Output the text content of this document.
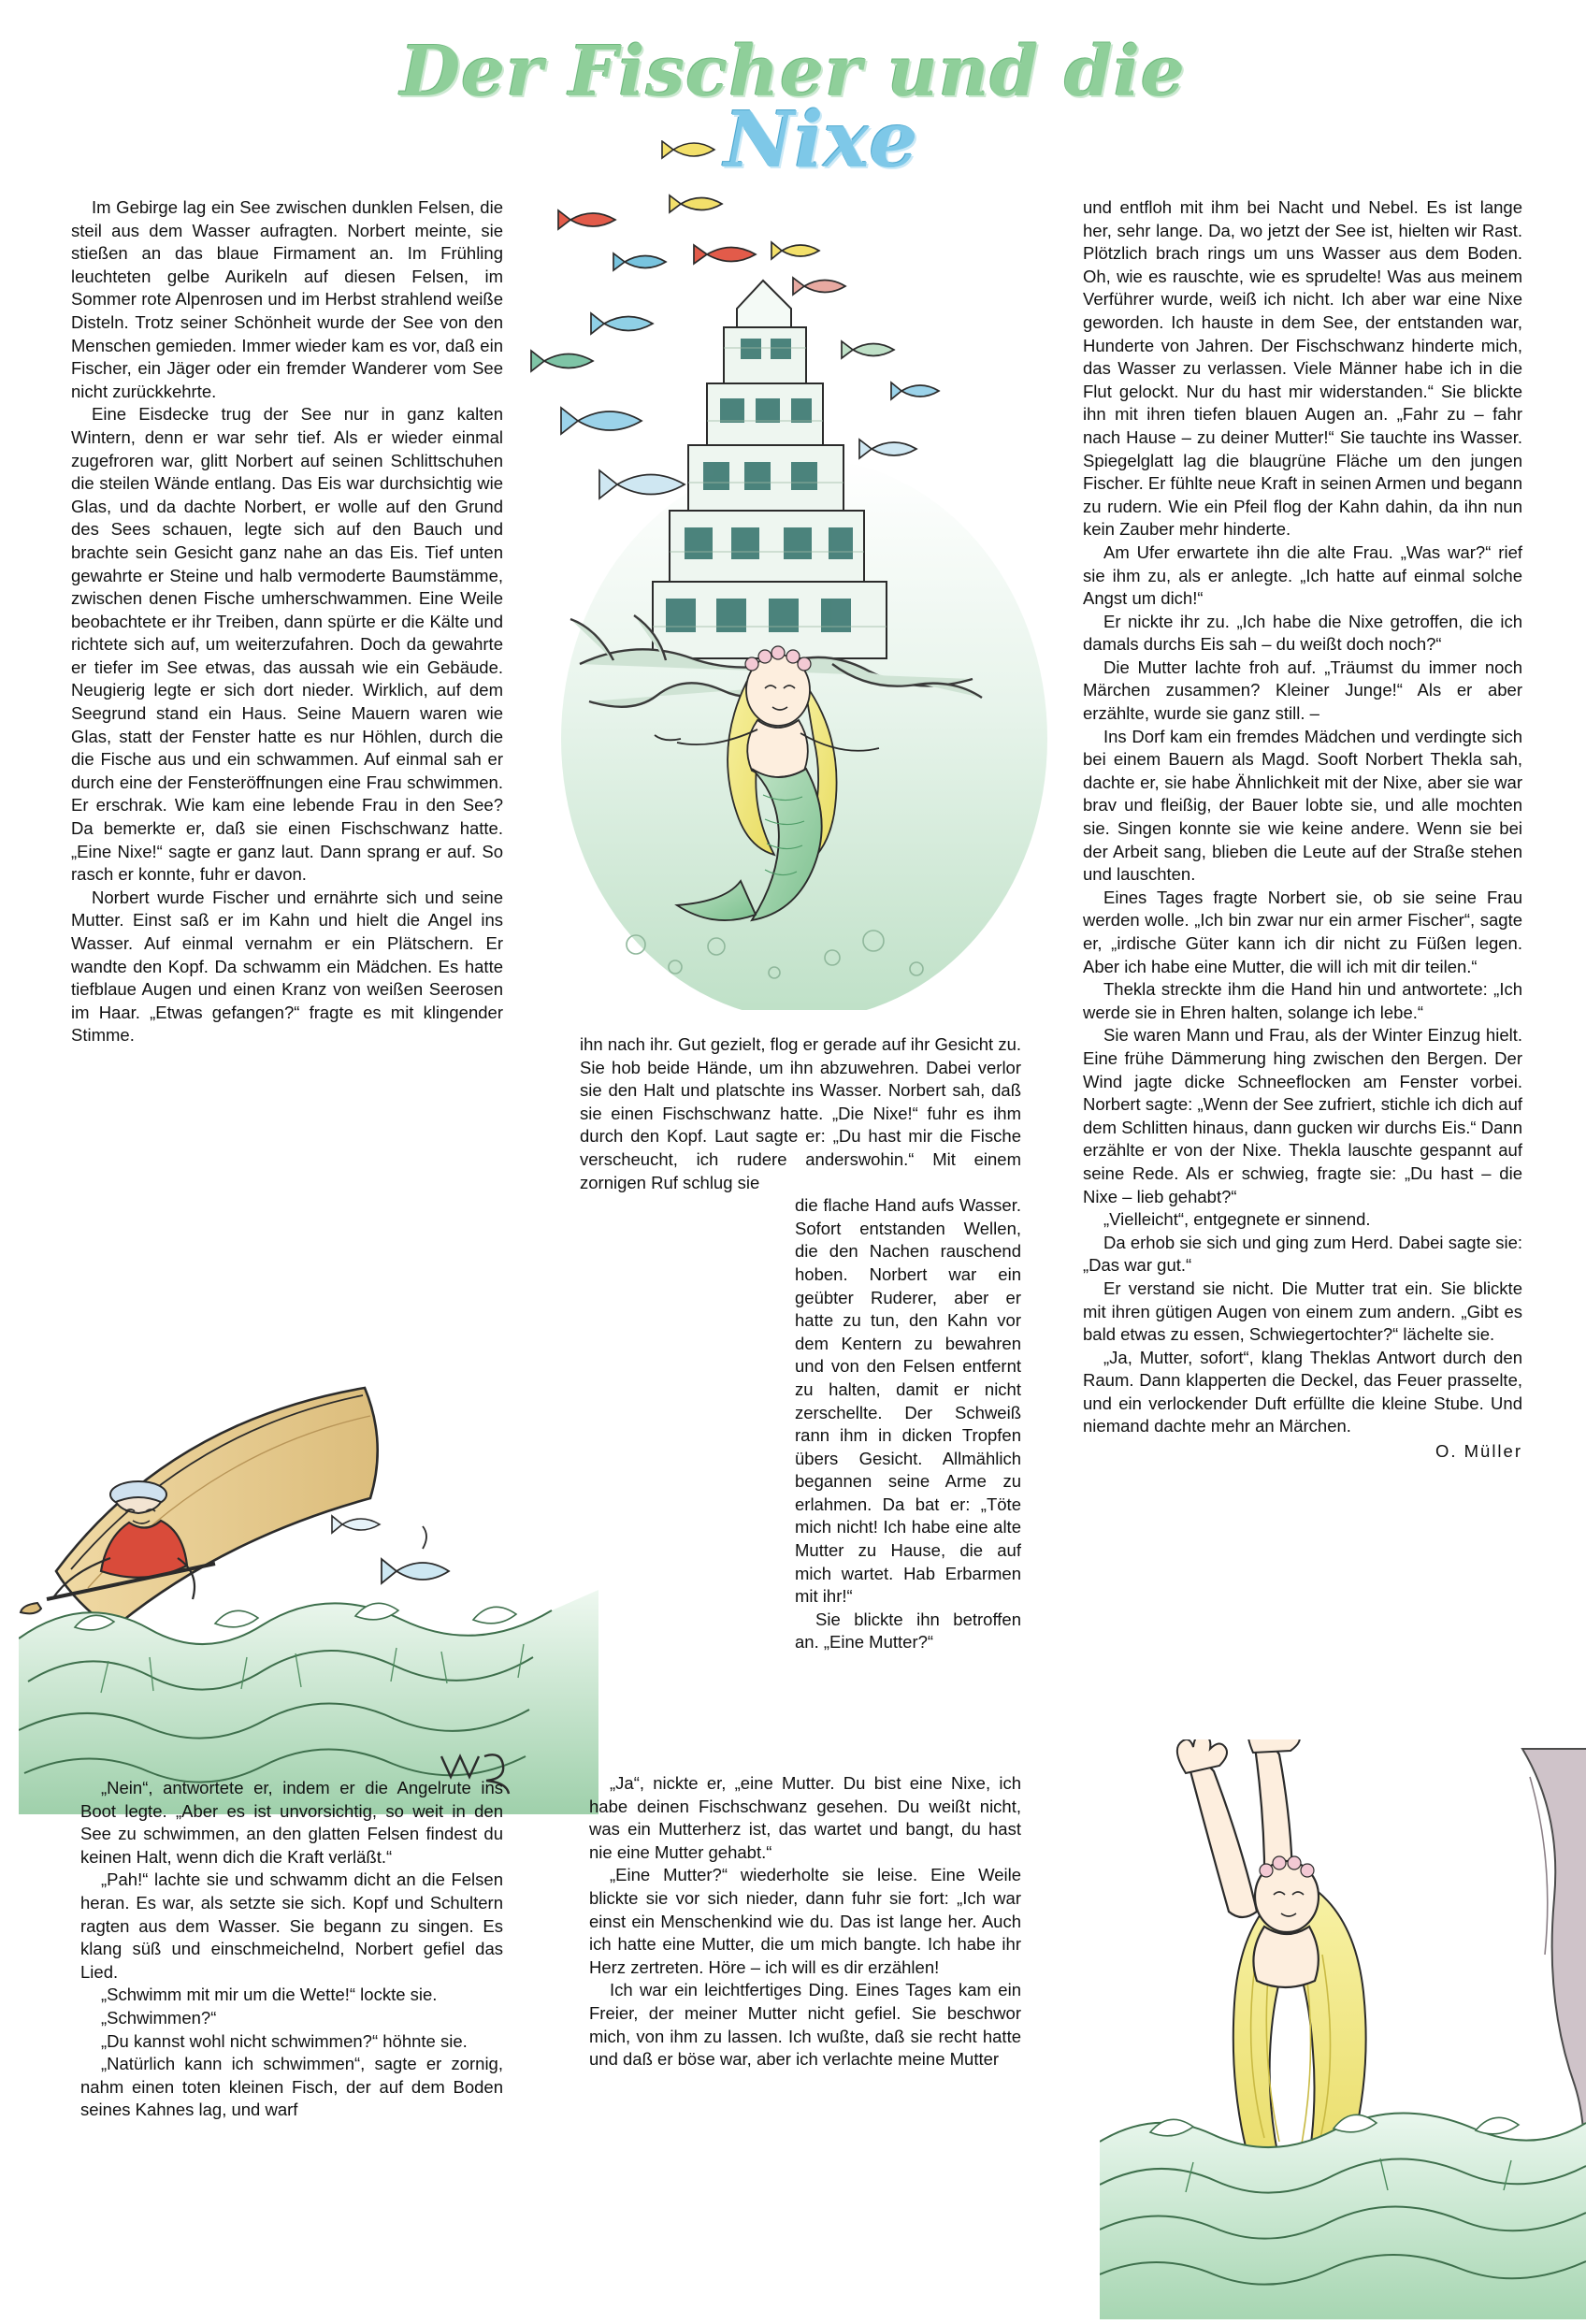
Der Fischer und die
Nixe

Im Gebirge lag ein See zwischen dunklen Felsen, die steil aus dem Wasser aufragten. Norbert meinte, sie stießen an das blaue Firmament an. Im Frühling leuchteten gelbe Aurikeln auf diesen Felsen, im Sommer rote Alpenrosen und im Herbst strahlend weiße Disteln. Trotz seiner Schönheit wurde der See von den Menschen gemieden. Immer wieder kam es vor, daß ein Fischer, ein Jäger oder ein fremder Wanderer vom See nicht zurückkehrte.

Eine Eisdecke trug der See nur in ganz kalten Wintern, denn er war sehr tief. Als er wieder einmal zugefroren war, glitt Norbert auf seinen Schlittschuhen die steilen Wände entlang. Das Eis war durchsichtig wie Glas, und da dachte Norbert, er wolle auf den Grund des Sees schauen, legte sich auf den Bauch und brachte sein Gesicht ganz nahe an das Eis. Tief unten gewahrte er Steine und halb vermoderte Baumstämme, zwischen denen Fische umherschwammen. Eine Weile beobachtete er ihr Treiben, dann spürte er die Kälte und richtete sich auf, um weiterzufahren. Doch da gewahrte er tiefer im See etwas, das aussah wie ein Gebäude. Neugierig legte er sich dort nieder. Wirklich, auf dem Seegrund stand ein Haus. Seine Mauern waren wie Glas, statt der Fenster hatte es nur Höhlen, durch die die Fische aus und ein schwammen. Auf einmal sah er durch eine der Fensteröffnungen eine Frau schwimmen. Er erschrak. Wie kam eine lebende Frau in den See? Da bemerkte er, daß sie einen Fischschwanz hatte. „Eine Nixe!“ sagte er ganz laut. Dann sprang er auf. So rasch er konnte, fuhr er davon.

Norbert wurde Fischer und ernährte sich und seine Mutter. Einst saß er im Kahn und hielt die Angel ins Wasser. Auf einmal vernahm er ein Plätschern. Er wandte den Kopf. Da schwamm ein Mädchen. Es hatte tiefblaue Augen und einen Kranz von weißen Seerosen im Haar. „Etwas gefangen?“ fragte es mit klingender Stimme.

„Nein“, antwortete er, indem er die Angelrute ins Boot legte. „Aber es ist unvorsichtig, so weit in den See zu schwimmen, an den glatten Felsen findest du keinen Halt, wenn dich die Kraft verläßt.“

„Pah!“ lachte sie und schwamm dicht an die Felsen heran. Es war, als setzte sie sich. Kopf und Schultern ragten aus dem Wasser. Sie begann zu singen. Es klang süß und einschmeichelnd, Norbert gefiel das Lied.

„Schwimm mit mir um die Wette!“ lockte sie.

„Schwimmen?“

„Du kannst wohl nicht schwimmen?“ höhnte sie.

„Natürlich kann ich schwimmen“, sagte er zornig, nahm einen toten kleinen Fisch, der auf dem Boden seines Kahnes lag, und warf

ihn nach ihr. Gut gezielt, flog er gerade auf ihr Gesicht zu. Sie hob beide Hände, um ihn abzuwehren. Dabei verlor sie den Halt und platschte ins Wasser. Norbert sah, daß sie einen Fischschwanz hatte. „Die Nixe!“ fuhr es ihm durch den Kopf. Laut sagte er: „Du hast mir die Fische verscheucht, ich rudere anderswohin.“ Mit einem zornigen Ruf schlug sie

die flache Hand aufs Wasser. Sofort entstanden Wellen, die den Nachen rauschend hoben. Norbert war ein geübter Ruderer, aber er hatte zu tun, den Kahn vor dem Kentern zu bewahren und von den Felsen entfernt zu halten, damit er nicht zerschellte. Der Schweiß rann ihm in dicken Tropfen übers Gesicht. Allmählich begannen seine Arme zu erlahmen. Da bat er: „Töte mich nicht! Ich habe eine alte Mutter zu Hause, die auf mich wartet. Hab Erbarmen mit ihr!“

Sie blickte ihn betroffen an. „Eine Mutter?“

„Ja“, nickte er, „eine Mutter. Du bist eine Nixe, ich habe deinen Fischschwanz gesehen. Du weißt nicht, was ein Mutterherz ist, das wartet und bangt, du hast nie eine Mutter gehabt.“

„Eine Mutter?“ wiederholte sie leise. Eine Weile blickte sie vor sich nieder, dann fuhr sie fort: „Ich war einst ein Menschenkind wie du. Das ist lange her. Auch ich hatte eine Mutter, die um mich bangte. Ich habe ihr Herz zertreten. Höre – ich will es dir erzählen!

Ich war ein leichtfertiges Ding. Eines Tages kam ein Freier, der meiner Mutter nicht gefiel. Sie beschwor mich, von ihm zu lassen. Ich wußte, daß sie recht hatte und daß er böse war, aber ich verlachte meine Mutter

und entfloh mit ihm bei Nacht und Nebel. Es ist lange her, sehr lange. Da, wo jetzt der See ist, hielten wir Rast. Plötzlich brach rings um uns Wasser aus dem Boden. Oh, wie es rauschte, wie es sprudelte! Was aus meinem Verführer wurde, weiß ich nicht. Ich aber war eine Nixe geworden. Ich hauste in dem See, der entstanden war, Hunderte von Jahren. Der Fischschwanz hinderte mich, das Wasser zu verlassen. Viele Männer habe ich in die Flut gelockt. Nur du hast mir widerstanden.“ Sie blickte ihn mit ihren tiefen blauen Augen an. „Fahr zu – fahr nach Hause – zu deiner Mutter!“ Sie tauchte ins Wasser. Spiegelglatt lag die blaugrüne Fläche um den jungen Fischer. Er fühlte neue Kraft in seinen Armen und begann zu rudern. Wie ein Pfeil flog der Kahn dahin, da ihn nun kein Zauber mehr hinderte.

Am Ufer erwartete ihn die alte Frau. „Was war?“ rief sie ihm zu, als er anlegte. „Ich hatte auf einmal solche Angst um dich!“

Er nickte ihr zu. „Ich habe die Nixe getroffen, die ich damals durchs Eis sah – du weißt doch noch?“

Die Mutter lachte froh auf. „Träumst du immer noch Märchen zusammen? Kleiner Junge!“ Als er aber erzählte, wurde sie ganz still. –

Ins Dorf kam ein fremdes Mädchen und verdingte sich bei einem Bauern als Magd. Sooft Norbert Thekla sah, dachte er, sie habe Ähnlichkeit mit der Nixe, aber sie war brav und fleißig, der Bauer lobte sie, und alle mochten sie. Singen konnte sie wie keine andere. Wenn sie bei der Arbeit sang, blieben die Leute auf der Straße stehen und lauschten.

Eines Tages fragte Norbert sie, ob sie seine Frau werden wolle. „Ich bin zwar nur ein armer Fischer“, sagte er, „irdische Güter kann ich dir nicht zu Füßen legen. Aber ich habe eine Mutter, die will ich mit dir teilen.“

Thekla streckte ihm die Hand hin und antwortete: „Ich werde sie in Ehren halten, solange ich lebe.“

Sie waren Mann und Frau, als der Winter Einzug hielt. Eine frühe Dämmerung hing zwischen den Bergen. Der Wind jagte dicke Schneeflocken am Fenster vorbei. Norbert sagte: „Wenn der See zufriert, stichle ich dich auf dem Schlitten hinaus, dann gucken wir durchs Eis.“ Dann erzählte er von der Nixe. Thekla lauschte gespannt auf seine Rede. Als er schwieg, fragte sie: „Du hast – die Nixe – lieb gehabt?“

„Vielleicht“, entgegnete er sinnend.

Da erhob sie sich und ging zum Herd. Dabei sagte sie: „Das war gut.“

Er verstand sie nicht. Die Mutter trat ein. Sie blickte mit ihren gütigen Augen von einem zum andern. „Gibt es bald etwas zu essen, Schwiegertochter?“ lächelte sie.

„Ja, Mutter, sofort“, klang Theklas Antwort durch den Raum. Dann klapperten die Deckel, das Feuer prasselte, und ein verlockender Duft erfüllte die kleine Stube. Und niemand dachte mehr an Märchen.

O. Müller
